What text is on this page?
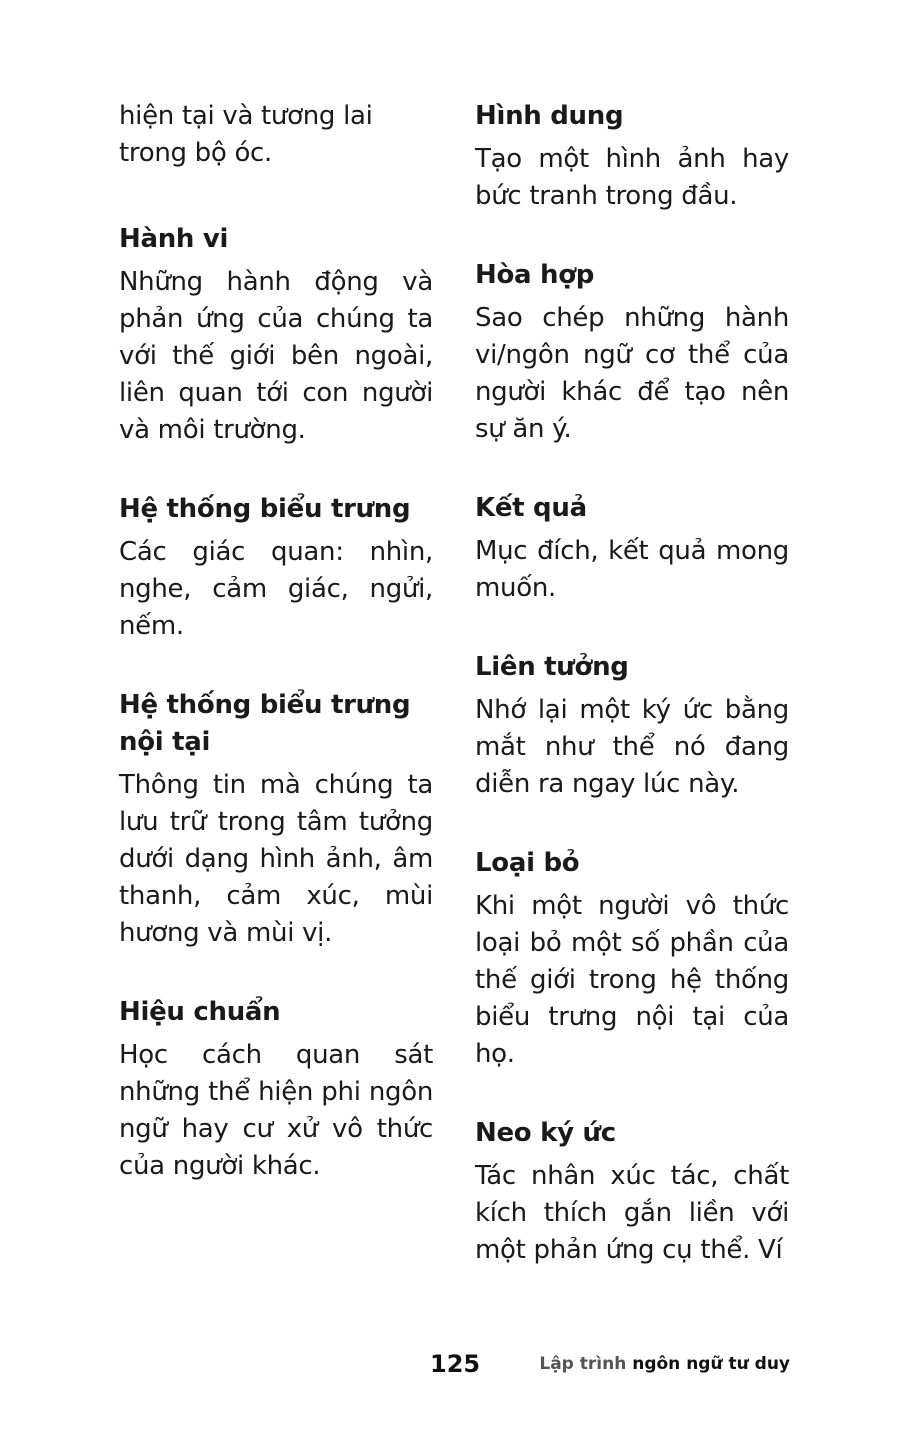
hiện tại và tương lai trong bộ óc.

Hành vi

Những hành động và phản ứng của chúng ta với thế giới bên ngoài, liên quan tới con người và môi trường.

Hệ thống biểu trưng

Các giác quan: nhìn, nghe, cảm giác, ngửi, nếm.

Hệ thống biểu trưng nội tại

Thông tin mà chúng ta lưu trữ trong tâm tưởng dưới dạng hình ảnh, âm thanh, cảm xúc, mùi hương và mùi vị.

Hiệu chuẩn

Học cách quan sát những thể hiện phi ngôn ngữ hay cư xử vô thức của người khác.

Hình dung

Tạo một hình ảnh hay bức tranh trong đầu.

Hòa hợp

Sao chép những hành vi/ngôn ngữ cơ thể của người khác để tạo nên sự ăn ý.

Kết quả

Mục đích, kết quả mong muốn.

Liên tưởng

Nhớ lại một ký ức bằng mắt như thể nó đang diễn ra ngay lúc này.

Loại bỏ

Khi một người vô thức loại bỏ một số phần của thế giới trong hệ thống biểu trưng nội tại của họ.

Neo ký ức

Tác nhân xúc tác, chất kích thích gắn liền với một phản ứng cụ thể. Ví

125	Lập trình ngôn ngữ tư duy
